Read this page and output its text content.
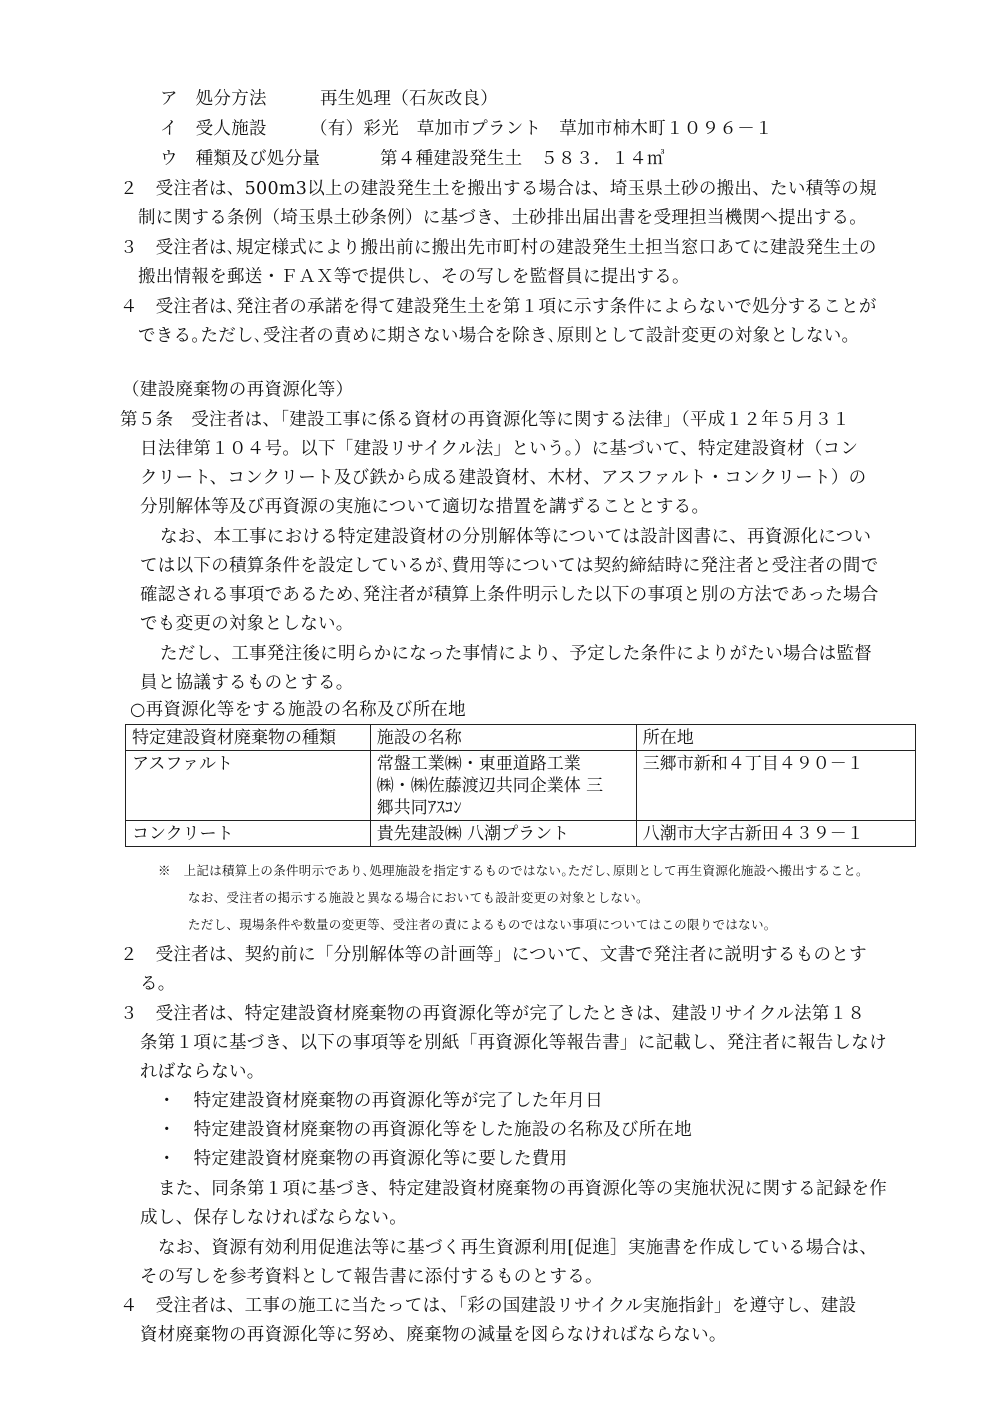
ア　処分方法	再生処理（石灰改良）
イ　受人施設 （有）彩光　草加市プラント　草加市柿木町１０９６－１
ウ　種類及び処分量	第４種建設発生土　５８３．１４㎥
２　受注者は、500m3以上の建設発生土を搬出する場合は、埼玉県土砂の搬出、たい積等の規
制に関する条例（埼玉県土砂条例）に基づき、土砂排出届出書を受理担当機関へ提出する。
３　受注者は､規定様式により搬出前に搬出先市町村の建設発生土担当窓口あてに建設発生土の
搬出情報を郵送・ＦＡＸ等で提供し、その写しを監督員に提出する。
４　受注者は､発注者の承諾を得て建設発生土を第１項に示す条件によらないで処分することが
できる｡ただし､受注者の責めに期さない場合を除き､原則として設計変更の対象としない。
（建設廃棄物の再資源化等）
第５条　受注者は、「建設工事に係る資材の再資源化等に関する法律」（平成１２年５月３１
日法律第１０４号。以下「建設リサイクル法」という。）に基づいて、特定建設資材（コン
クリート、コンクリート及び鉄から成る建設資材、木材、アスファルト・コンクリート）の
分別解体等及び再資源の実施について適切な措置を講ずることとする。
なお、本工事における特定建設資材の分別解体等については設計図書に、再資源化につい
ては以下の積算条件を設定しているが､費用等については契約締結時に発注者と受注者の間で
確認される事項であるため､発注者が積算上条件明示した以下の事項と別の方法であった場合
でも変更の対象としない。
ただし、工事発注後に明らかになった事情により、予定した条件によりがたい場合は監督
員と協議するものとする。
○再資源化等をする施設の名称及び所在地
特定建設資材廃棄物の種類	施設の名称	所在地
アスファルト	常盤工業㈱・東亜道路工業
㈱・㈱佐藤渡辺共同企業体 三
郷共同ｱｽｺﾝ	三郷市新和４丁目４９０－１
コンクリート	貴先建設㈱ 八潮プラント	八潮市大字古新田４３９－１
※　上記は積算上の条件明示であり､処理施設を指定するものではない｡ただし､原則として再生資源化施設へ搬出すること。
なお、受注者の掲示する施設と異なる場合においても設計変更の対象としない。
ただし、現場条件や数量の変更等、受注者の責によるものではない事項についてはこの限りではない。
２　受注者は、契約前に「分別解体等の計画等」について、文書で発注者に説明するものとす
る。
３　受注者は、特定建設資材廃棄物の再資源化等が完了したときは、建設リサイクル法第１８
条第１項に基づき、以下の事項等を別紙「再資源化等報告書」に記載し、発注者に報告しなけ
ればならない。
・　特定建設資材廃棄物の再資源化等が完了した年月日
・　特定建設資材廃棄物の再資源化等をした施設の名称及び所在地
・　特定建設資材廃棄物の再資源化等に要した費用
また、同条第１項に基づき、特定建設資材廃棄物の再資源化等の実施状況に関する記録を作
成し、保存しなければならない。
なお、資源有効利用促進法等に基づく再生資源利用[促進］実施書を作成している場合は、
その写しを参考資料として報告書に添付するものとする。
４　受注者は、工事の施工に当たっては、「彩の国建設リサイクル実施指針」を遵守し、建設
資材廃棄物の再資源化等に努め、廃棄物の減量を図らなければならない。
